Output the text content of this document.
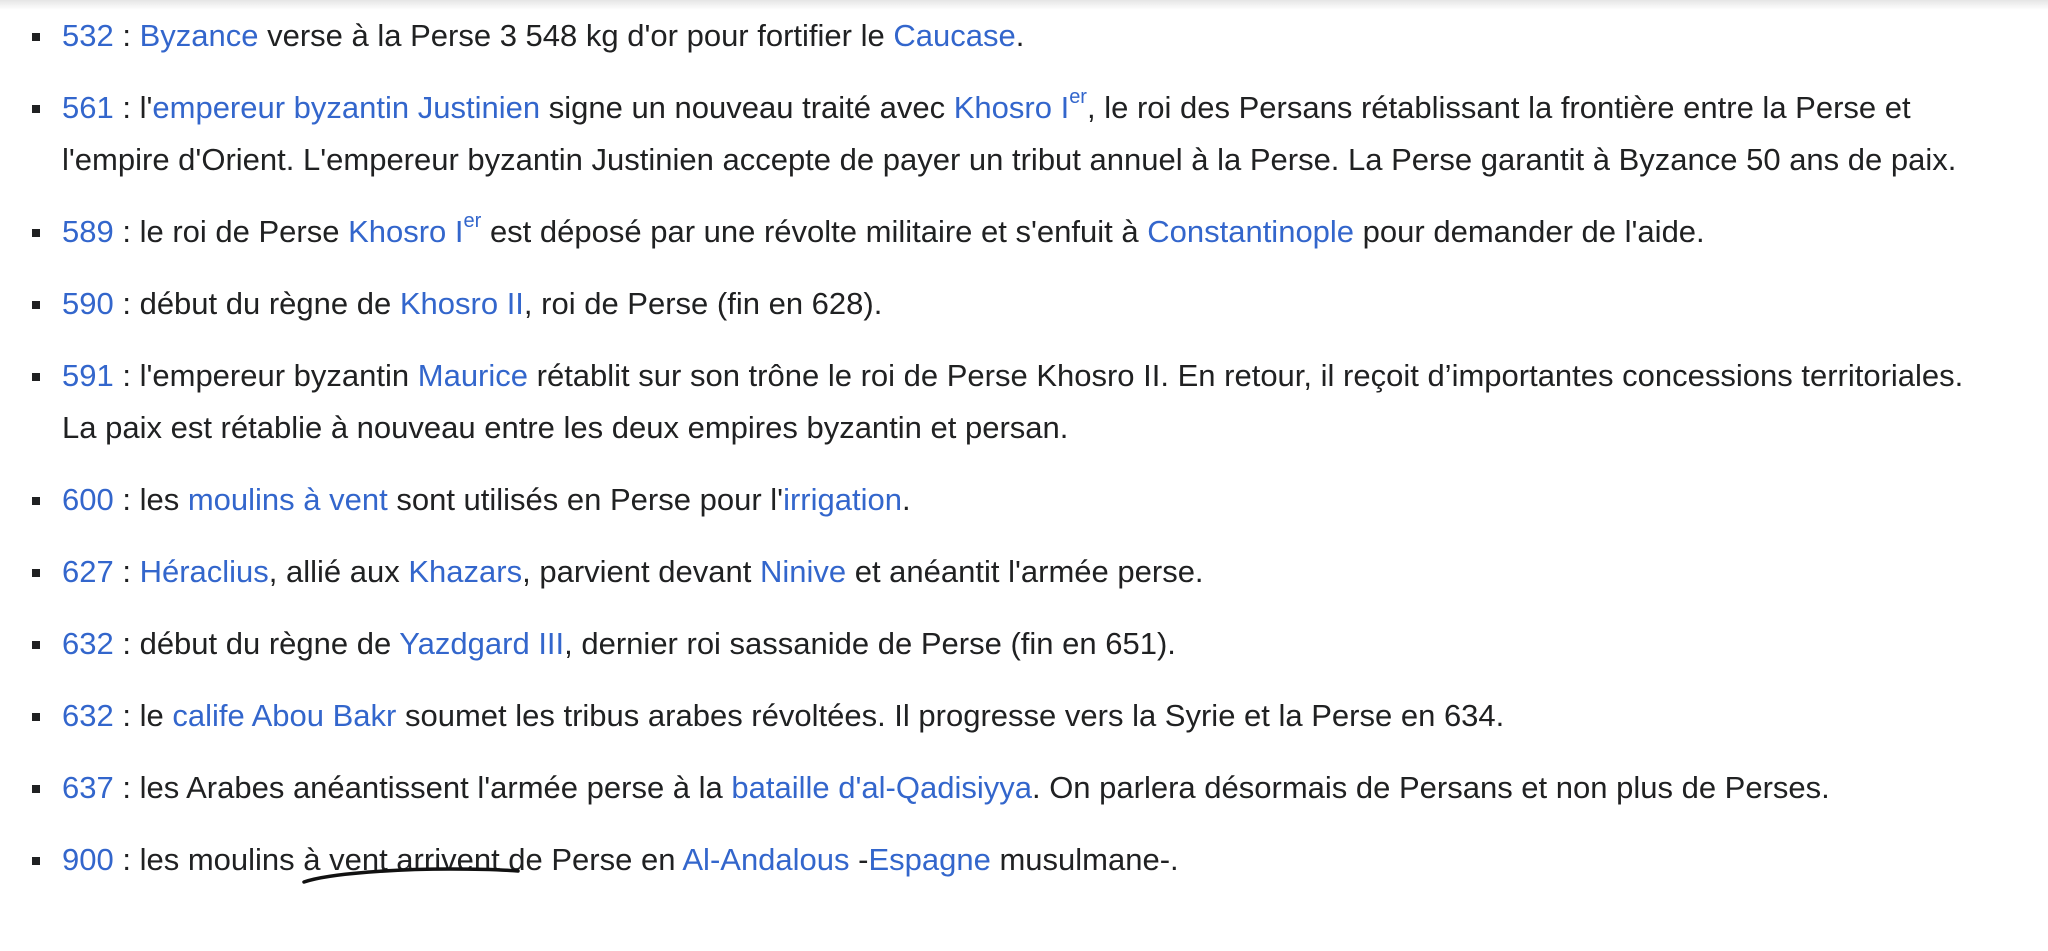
532 : Byzance verse à la Perse 3 548 kg d'or pour fortifier le Caucase.
561 : l'empereur byzantin Justinien signe un nouveau traité avec Khosro Ier, le roi des Persans rétablissant la frontière entre la Perse et l'empire d'Orient. L'empereur byzantin Justinien accepte de payer un tribut annuel à la Perse. La Perse garantit à Byzance 50 ans de paix.
589 : le roi de Perse Khosro Ier est déposé par une révolte militaire et s'enfuit à Constantinople pour demander de l'aide.
590 : début du règne de Khosro II, roi de Perse (fin en 628).
591 : l'empereur byzantin Maurice rétablit sur son trône le roi de Perse Khosro II. En retour, il reçoit d’importantes concessions territoriales. La paix est rétablie à nouveau entre les deux empires byzantin et persan.
600 : les moulins à vent sont utilisés en Perse pour l'irrigation.
627 : Héraclius, allié aux Khazars, parvient devant Ninive et anéantit l'armée perse.
632 : début du règne de Yazdgard III, dernier roi sassanide de Perse (fin en 651).
632 : le calife Abou Bakr soumet les tribus arabes révoltées. Il progresse vers la Syrie et la Perse en 634.
637 : les Arabes anéantissent l'armée perse à la bataille d'al-Qadisiyya. On parlera désormais de Persans et non plus de Perses.
900 : les moulins à vent arrivent de Perse en Al-Andalous -Espagne musulmane-.
